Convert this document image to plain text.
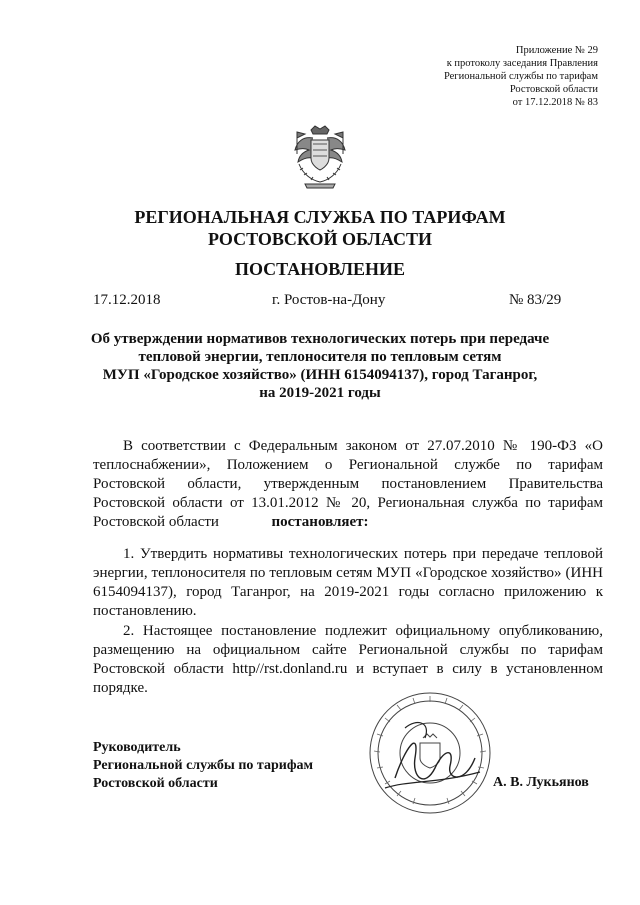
Приложение № 29
к протоколу заседания Правления
Региональной службы по тарифам
Ростовской области
от 17.12.2018 № 83
РЕГИОНАЛЬНАЯ СЛУЖБА ПО ТАРИФАМ
РОСТОВСКОЙ ОБЛАСТИ
ПОСТАНОВЛЕНИЕ
17.12.2018	г. Ростов-на-Дону	№ 83/29
Об утверждении нормативов технологических потерь при передаче
тепловой энергии, теплоносителя по тепловым сетям
МУП «Городское хозяйство» (ИНН 6154094137), город Таганрог,
на 2019-2021 годы
В соответствии с Федеральным законом от 27.07.2010 № 190-ФЗ «О теплоснабжении», Положением о Региональной службе по тарифам Ростовской области, утвержденным постановлением Правительства Ростовской области от 13.01.2012 № 20, Региональная служба по тарифам Ростовской области	постановляет:
1. Утвердить нормативы технологических потерь при передаче тепловой энергии, теплоносителя по тепловым сетям МУП «Городское хозяйство» (ИНН 6154094137), город Таганрог, на 2019-2021 годы согласно приложению к постановлению.
2. Настоящее постановление подлежит официальному опубликованию, размещению на официальном сайте Региональной службы по тарифам Ростовской области http//rst.donland.ru и вступает в силу в установленном порядке.
Руководитель
Региональной службы по тарифам
Ростовской области	А. В. Лукьянов
